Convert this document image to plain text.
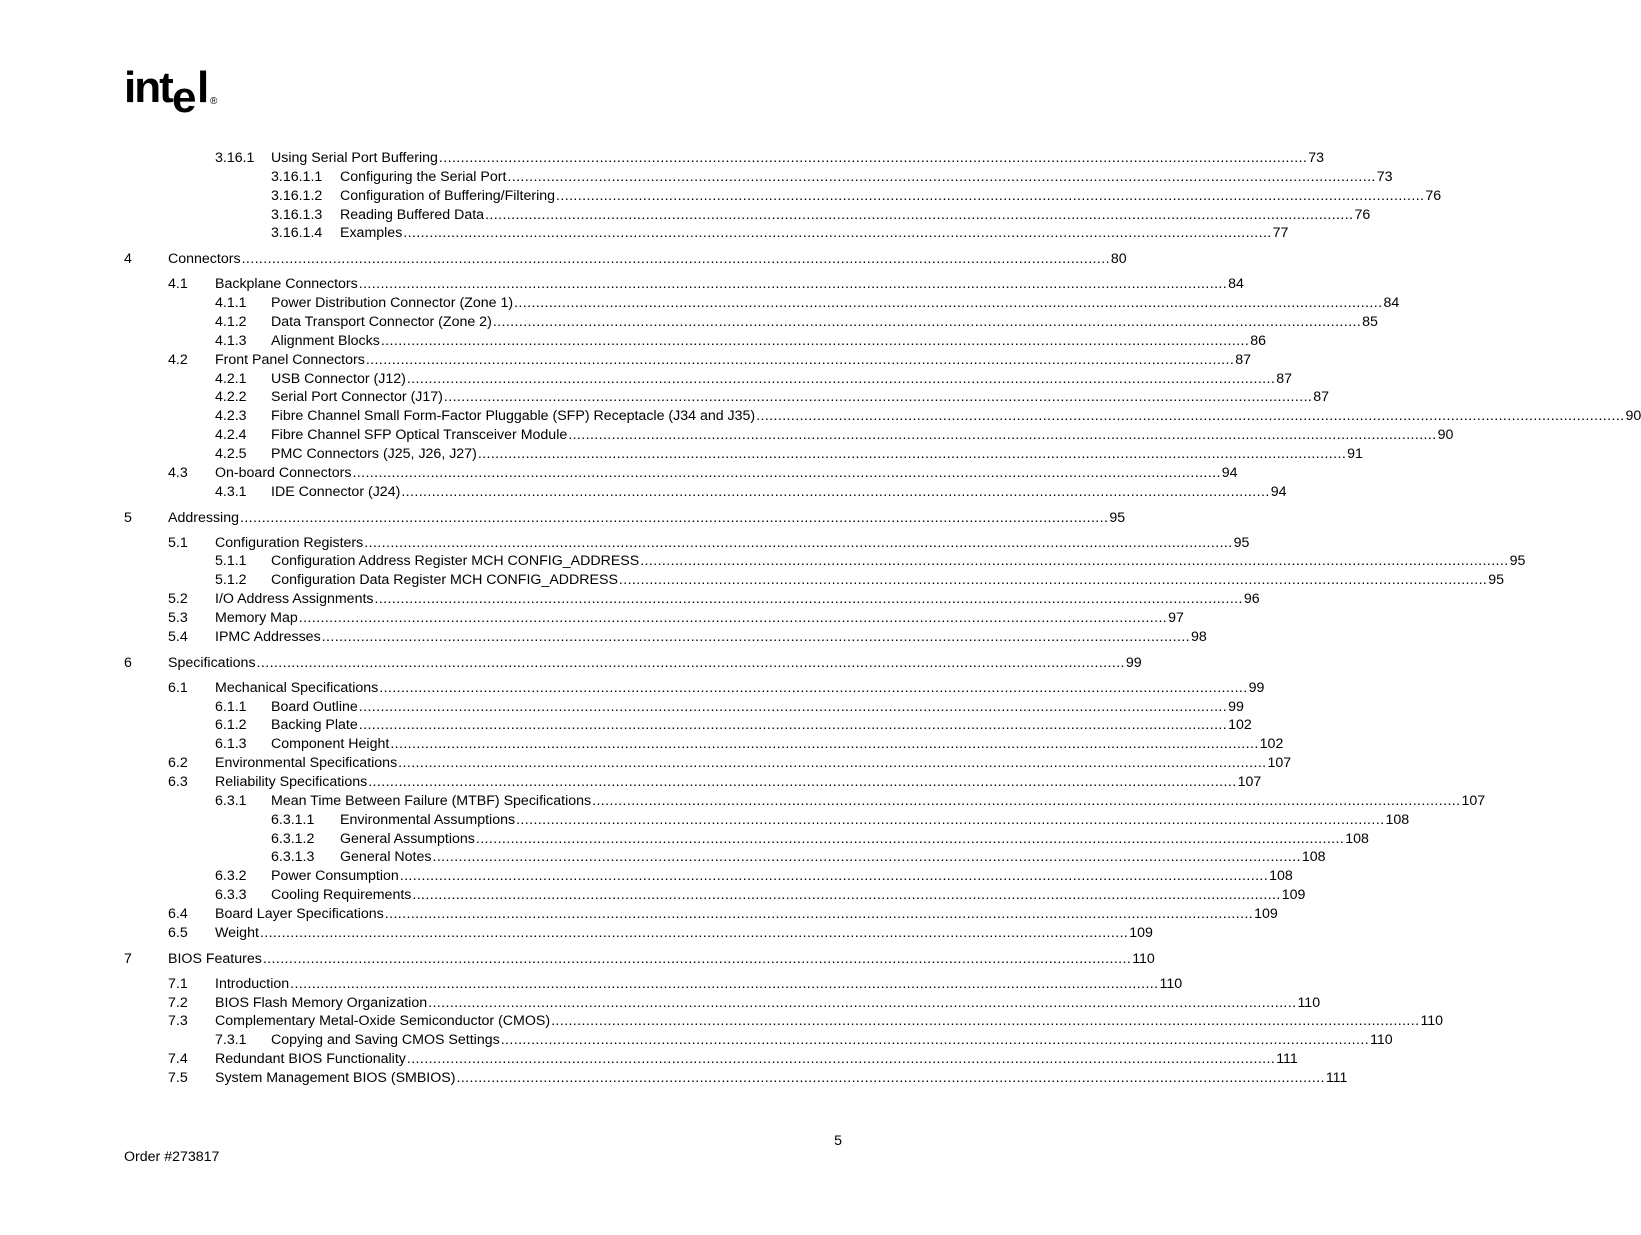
int e l ®
3.16.1 Using Serial Port Buffering ........................................................................................................................................................................................................ 73
3.16.1.1 Configuring the Serial Port ........................................................................................................................................................................................................ 73
3.16.1.2 Configuration of Buffering/Filtering ........................................................................................................................................................................................................ 76
3.16.1.3 Reading Buffered Data ........................................................................................................................................................................................................ 76
3.16.1.4 Examples ........................................................................................................................................................................................................ 77
4	Connectors ........................................................................................................................................................................................................ 80
4.1 Backplane Connectors ........................................................................................................................................................................................................ 84
4.1.1 Power Distribution Connector (Zone 1) ........................................................................................................................................................................................................ 84
4.1.2 Data Transport Connector (Zone 2) ........................................................................................................................................................................................................ 85
4.1.3 Alignment Blocks ........................................................................................................................................................................................................ 86
4.2 Front Panel Connectors ........................................................................................................................................................................................................ 87
4.2.1 USB Connector (J12) ........................................................................................................................................................................................................ 87
4.2.2 Serial Port Connector (J17) ........................................................................................................................................................................................................ 87
4.2.3 Fibre Channel Small Form-Factor Pluggable (SFP) Receptacle (J34 and J35) ........................................................................................................................................................................................................ 90
4.2.4 Fibre Channel SFP Optical Transceiver Module ........................................................................................................................................................................................................ 90
4.2.5 PMC Connectors (J25, J26, J27) ........................................................................................................................................................................................................ 91
4.3 On-board Connectors ........................................................................................................................................................................................................ 94
4.3.1 IDE Connector (J24) ........................................................................................................................................................................................................ 94
5	Addressing ........................................................................................................................................................................................................ 95
5.1 Configuration Registers ........................................................................................................................................................................................................ 95
5.1.1 Configuration Address Register MCH CONFIG_ADDRESS ........................................................................................................................................................................................................ 95
5.1.2 Configuration Data Register MCH CONFIG_ADDRESS ........................................................................................................................................................................................................ 95
5.2 I/O Address Assignments ........................................................................................................................................................................................................ 96
5.3 Memory Map ........................................................................................................................................................................................................ 97
5.4 IPMC Addresses ........................................................................................................................................................................................................ 98
6	Specifications ........................................................................................................................................................................................................ 99
6.1 Mechanical Specifications ........................................................................................................................................................................................................ 99
6.1.1 Board Outline ........................................................................................................................................................................................................ 99
6.1.2 Backing Plate ........................................................................................................................................................................................................ 102
6.1.3 Component Height ........................................................................................................................................................................................................ 102
6.2 Environmental Specifications ........................................................................................................................................................................................................ 107
6.3 Reliability Specifications ........................................................................................................................................................................................................ 107
6.3.1 Mean Time Between Failure (MTBF) Specifications ........................................................................................................................................................................................................ 107
6.3.1.1 Environmental Assumptions ........................................................................................................................................................................................................ 108
6.3.1.2 General Assumptions ........................................................................................................................................................................................................ 108
6.3.1.3 General Notes ........................................................................................................................................................................................................ 108
6.3.2 Power Consumption ........................................................................................................................................................................................................ 108
6.3.3 Cooling Requirements ........................................................................................................................................................................................................ 109
6.4 Board Layer Specifications ........................................................................................................................................................................................................ 109
6.5 Weight ........................................................................................................................................................................................................ 109
7	BIOS Features ........................................................................................................................................................................................................ 110
7.1 Introduction ........................................................................................................................................................................................................ 110
7.2 BIOS Flash Memory Organization ........................................................................................................................................................................................................ 110
7.3 Complementary Metal-Oxide Semiconductor (CMOS) ........................................................................................................................................................................................................ 110
7.3.1 Copying and Saving CMOS Settings ........................................................................................................................................................................................................ 110
7.4 Redundant BIOS Functionality ........................................................................................................................................................................................................ 111
7.5 System Management BIOS (SMBIOS) ........................................................................................................................................................................................................ 111
5
Order #273817
